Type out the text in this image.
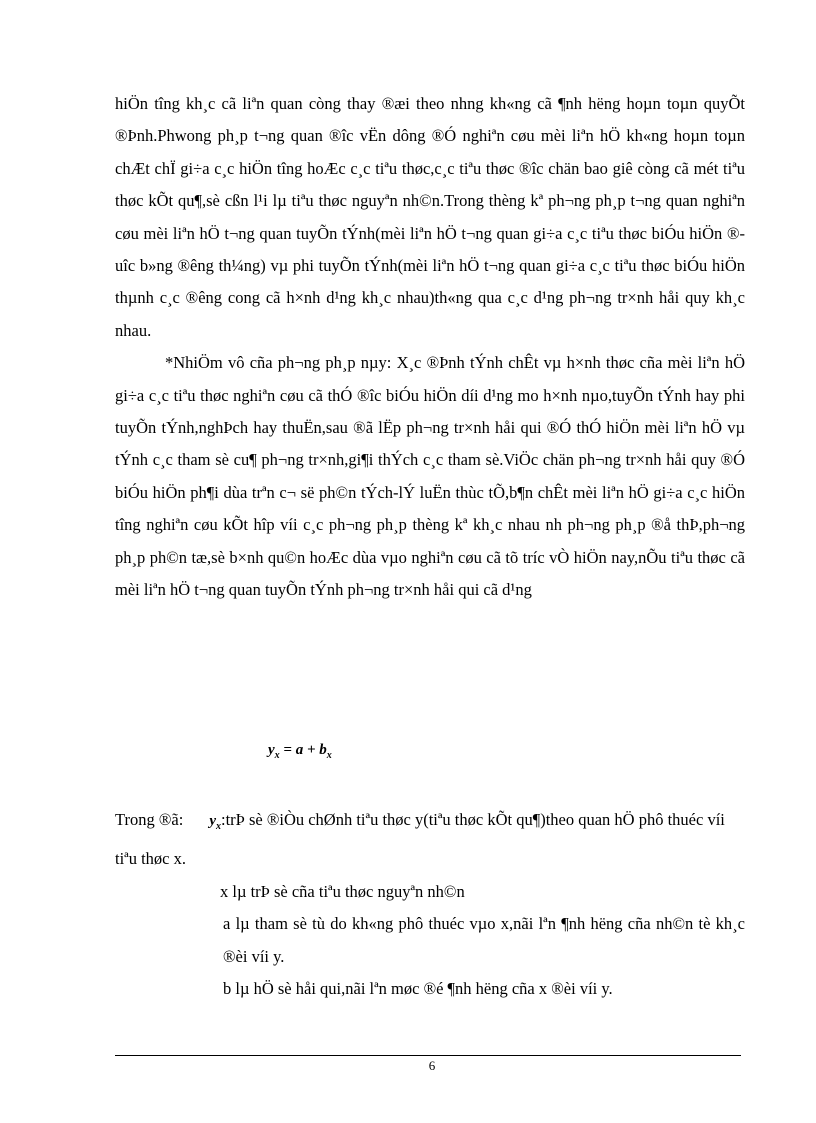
hiÖn tîng kh¸c cã liªn quan còng thay ®æi theo nhng kh«ng cã ¶nh hëng hoµn toµn quyÕt ®Þnh.Phwong ph¸p t¬ng quan ®îc vËn dông ®Ó nghiªn cøu mèi liªn hÖ kh«ng hoµn toµn chÆt chÏ gi÷a c¸c hiÖn tîng hoÆc c¸c tiªu thøc,c¸c tiªu thøc ®îc chän bao giê còng cã mét tiªu thøc kÕt qu¶,sè cßn l¹i lµ tiªu thøc nguyªn nh©n.Trong thèng kª ph¬ng ph¸p t¬ng quan nghiªn cøu mèi liªn hÖ t¬ng quan tuyÕn tÝnh(mèi liªn hÖ t¬ng quan gi÷a c¸c tiªu thøc biÓu hiÖn ®uîc b»ng ®êng th¼ng) vµ phi tuyÕn tÝnh(mèi liªn hÖ t¬ng quan gi÷a c¸c tiªu thøc biÓu hiÖn thµnh c¸c ®êng cong cã h×nh d¹ng kh¸c nhau)th«ng qua c¸c d¹ng ph¬ng tr×nh håi quy kh¸c nhau.

*NhiÖm vô cña ph¬ng ph¸p nµy: X¸c ®Þnh tÝnh chÊt vµ h×nh thøc cña mèi liªn hÖ gi÷a c¸c tiªu thøc nghiªn cøu cã thÓ ®îc biÓu hiÖn díi d¹ng mo h×nh nµo,tuyÕn tÝnh hay phi tuyÕn tÝnh,nghÞch hay thuËn,sau ®ã lËp ph¬ng tr×nh håi qui ®Ó thÓ hiÖn mèi liªn hÖ vµ tÝnh c¸c tham sè cu¶ ph¬ng tr×nh,gi¶i thÝch c¸c tham sè.ViÖc chän ph¬ng tr×nh håi quy ®Ó biÓu hiÖn ph¶i dùa trªn c¬ së ph©n tÝch-lÝ luËn thùc tÕ,b¶n chÊt mèi liªn hÖ gi÷a c¸c hiÖn tîng nghiªn cøu kÕt hîp víi c¸c ph¬ng ph¸p thèng kª kh¸c nhau nh ph¬ng ph¸p ®å thÞ,ph¬ng ph¸p ph©n tæ,sè b×nh qu©n hoÆc dùa vµo nghiªn cøu cã tõ tríc vÒ hiÖn nay,nÕu tiªu thøc cã mèi liªn hÖ t¬ng quan tuyÕn tÝnh ph¬ng tr×nh håi qui cã d¹ng

$y_x = a + b_x$

Trong ®ã: $y_x:trÞ$ sè ®iÒu chØnh tiªu thøc y(tiªu thøc kÕt qu¶)theo quan hÖ phô thuéc víi tiªu thøc x.

x lµ trÞ sè cña tiªu thøc nguyªn nh©n

a lµ tham sè tù do kh«ng phô thuéc vµo x,nãi lªn ¶nh hëng cña nh©n tè kh¸c ®èi víi y.

b lµ hÖ sè håi qui,nãi lªn møc ®é ¶nh hëng cña x ®èi víi y.

6
